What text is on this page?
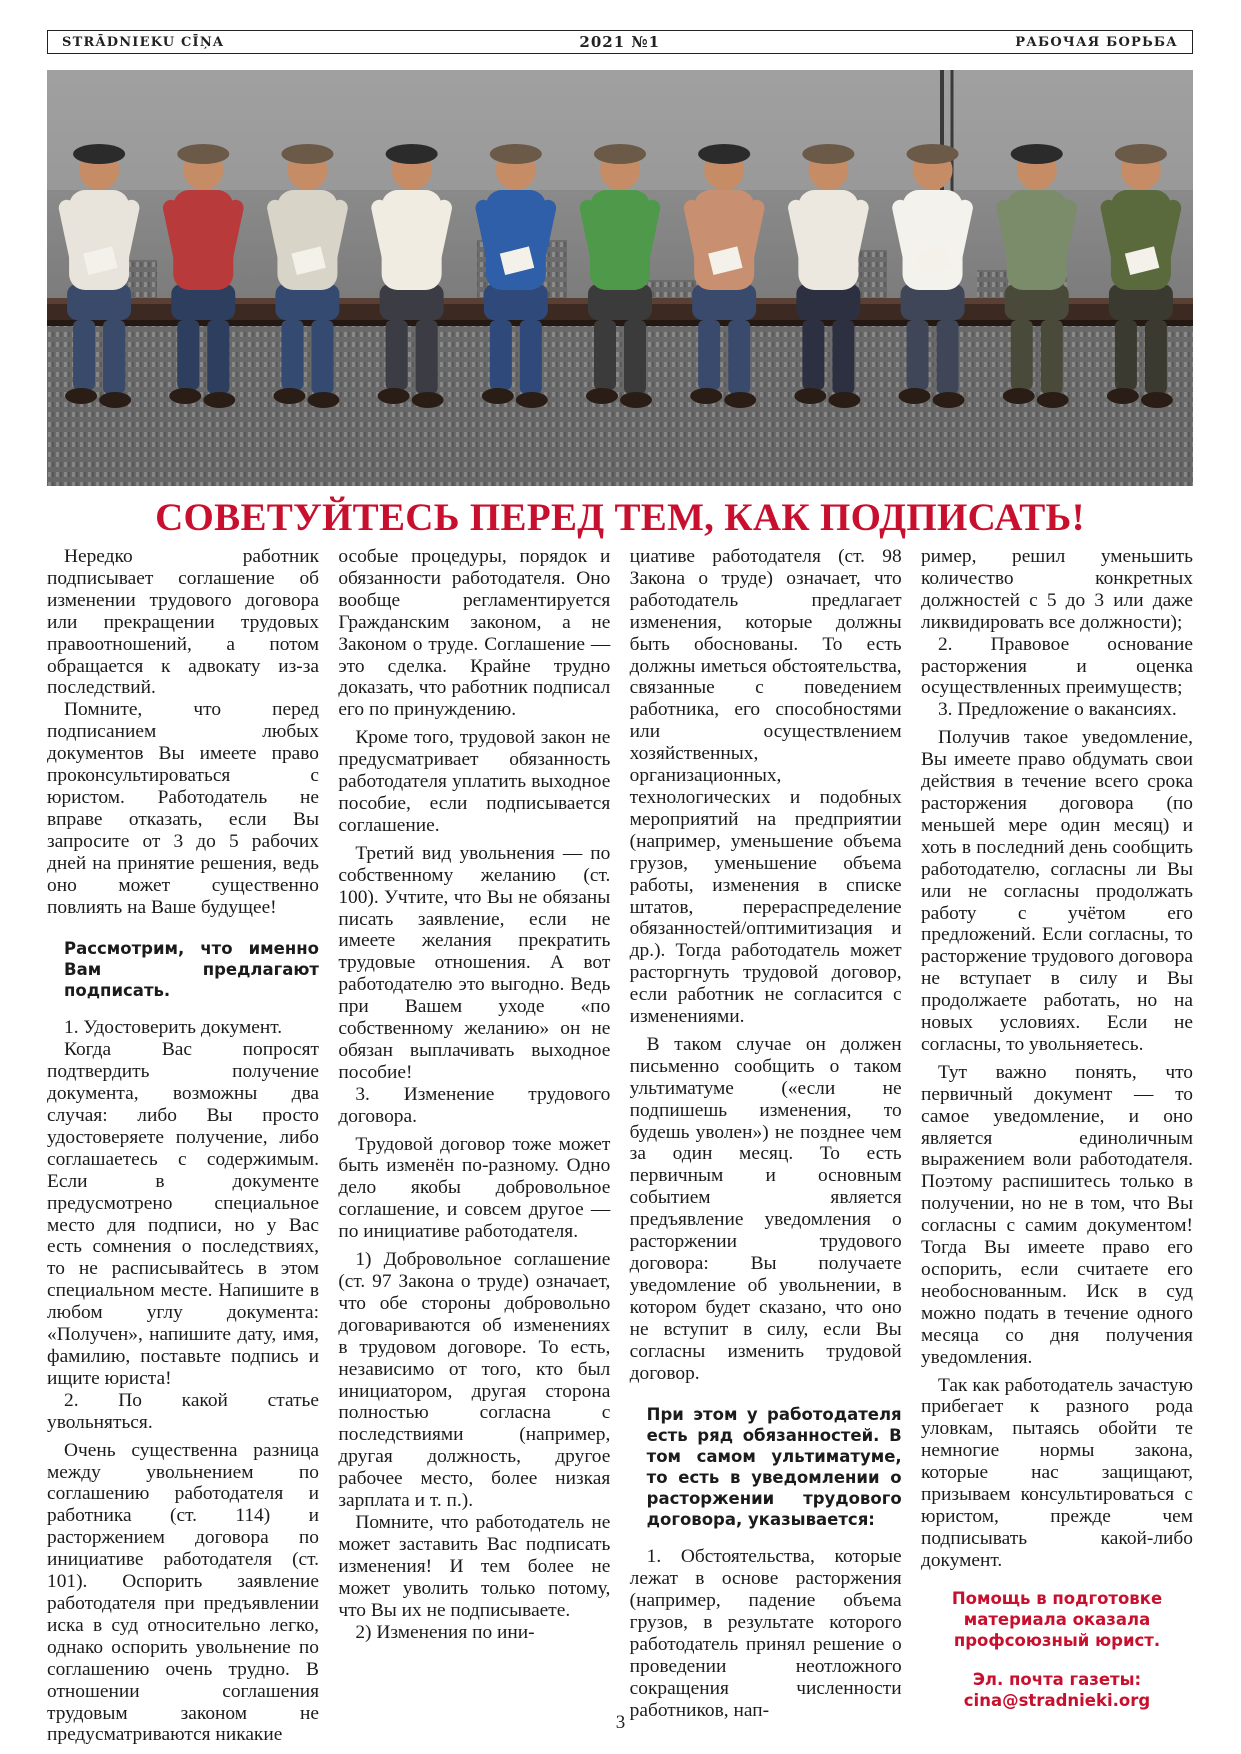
STRĀDNIEKU CĪŅA	2021 №1	РАБОЧАЯ БОРЬБА
СОВЕТУЙТЕСЬ ПЕРЕД ТЕМ, КАК ПОДПИСАТЬ!

Нередко работник подписывает соглашение об изменении трудового договора или прекращении трудовых правоотношений, а потом обращается к адвокату из-за последствий.

Помните, что перед подписанием любых документов Вы имеете право проконсультироваться с юристом. Работодатель не вправе отказать, если Вы запросите от 3 до 5 рабочих дней на принятие решения, ведь оно может существенно повлиять на Ваше будущее!

Рассмотрим, что именно Вам предлагают подписать.

1. Удостоверить документ.

Когда Вас попросят подтвердить получение документа, возможны два случая: либо Вы просто удостоверяете получение, либо соглашаетесь с содержимым. Если в документе предусмотрено специальное место для подписи, но у Вас есть сомнения о последствиях, то не расписывайтесь в этом специальном месте. Напишите в любом углу документа: «Получен», напишите дату, имя, фамилию, поставьте подпись и ищите юриста!

2. По какой статье увольняться.

Очень существенна разница между увольнением по соглашению работодателя и работника (ст. 114) и расторжением договора по инициативе работодателя (ст. 101). Оспорить заявление работодателя при предъявлении иска в суд относительно легко, однако оспорить увольнение по соглашению очень трудно. В отношении соглашения трудовым законом не предусматриваются никакие

особые процедуры, порядок и обязанности работодателя. Оно вообще регламентируется Гражданским законом, а не Законом о труде. Соглашение — это сделка. Крайне трудно доказать, что работник подписал его по принуждению.

Кроме того, трудовой закон не предусматривает обязанность работодателя уплатить выходное пособие, если подписывается соглашение.

Третий вид увольнения — по собственному желанию (ст. 100). Учтите, что Вы не обязаны писать заявление, если не имеете желания прекратить трудовые отношения. А вот работодателю это выгодно. Ведь при Вашем уходе «по собственному желанию» он не обязан выплачивать выходное пособие!

3. Изменение трудового договора.

Трудовой договор тоже может быть изменён по-разному. Одно дело якобы добровольное соглашение, и совсем другое — по инициативе работодателя.

1) Добровольное соглашение (ст. 97 Закона о труде) означает, что обе стороны добровольно договариваются об изменениях в трудовом договоре. То есть, независимо от того, кто был инициатором, другая сторона полностью согласна с последствиями (например, другая должность, другое рабочее место, более низкая зарплата и т. п.).

Помните, что работодатель не может заставить Вас подписать изменения! И тем более не может уволить только потому, что Вы их не подписываете.

2) Изменения по ини-

циативе работодателя (ст. 98 Закона о труде) означает, что работодатель предлагает изменения, которые должны быть обоснованы. То есть должны иметься обстоятельства, связанные с поведением работника, его способностями или осуществлением хозяйственных, организационных, технологических и подобных мероприятий на предприятии (например, уменьшение объема грузов, уменьшение объема работы, изменения в списке штатов, перераспределение обязанностей/оптимитизация и др.). Тогда работодатель может расторгнуть трудовой договор, если работник не согласится с изменениями.

В таком случае он должен письменно сообщить о таком ультиматуме («если не подпишешь изменения, то будешь уволен») не позднее чем за один месяц. То есть первичным и основным событием является предъявление уведомления о расторжении трудового договора: Вы получаете уведомление об увольнении, в котором будет сказано, что оно не вступит в силу, если Вы согласны изменить трудовой договор.

При этом у работодателя есть ряд обязанностей. В том самом ультиматуме, то есть в уведомлении о расторжении трудового договора, указывается:

1. Обстоятельства, которые лежат в основе расторжения (например, падение объема грузов, в результате которого работодатель принял решение о проведении неотложного сокращения численности работников, нап-

ример, решил уменьшить количество конкретных должностей с 5 до 3 или даже ликвидировать все должности);

2. Правовое основание расторжения и оценка осуществленных преимуществ;

3. Предложение о вакансиях.

Получив такое уведомление, Вы имеете право обдумать свои действия в течение всего срока расторжения договора (по меньшей мере один месяц) и хоть в последний день сообщить работодателю, согласны ли Вы или не согласны продолжать работу с учётом его предложений. Если согласны, то расторжение трудового договора не вступает в силу и Вы продолжаете работать, но на новых условиях. Если не согласны, то увольняетесь.

Тут важно понять, что первичный документ — то самое уведомление, и оно является единоличным выражением воли работодателя. Поэтому распишитесь только в получении, но не в том, что Вы согласны с самим документом! Тогда Вы имеете право его оспорить, если считаете его необоснованным. Иск в суд можно подать в течение одного месяца со дня получения уведомления.

Так как работодатель зачастую прибегает к разного рода уловкам, пытаясь обойти те немногие нормы закона, которые нас защищают, призываем консультироваться с юристом, прежде чем подписывать какой-либо документ.

Помощь в подготовке материала оказала профсоюзный юрист.
Эл. почта газеты:
cina@stradnieki.org
3
